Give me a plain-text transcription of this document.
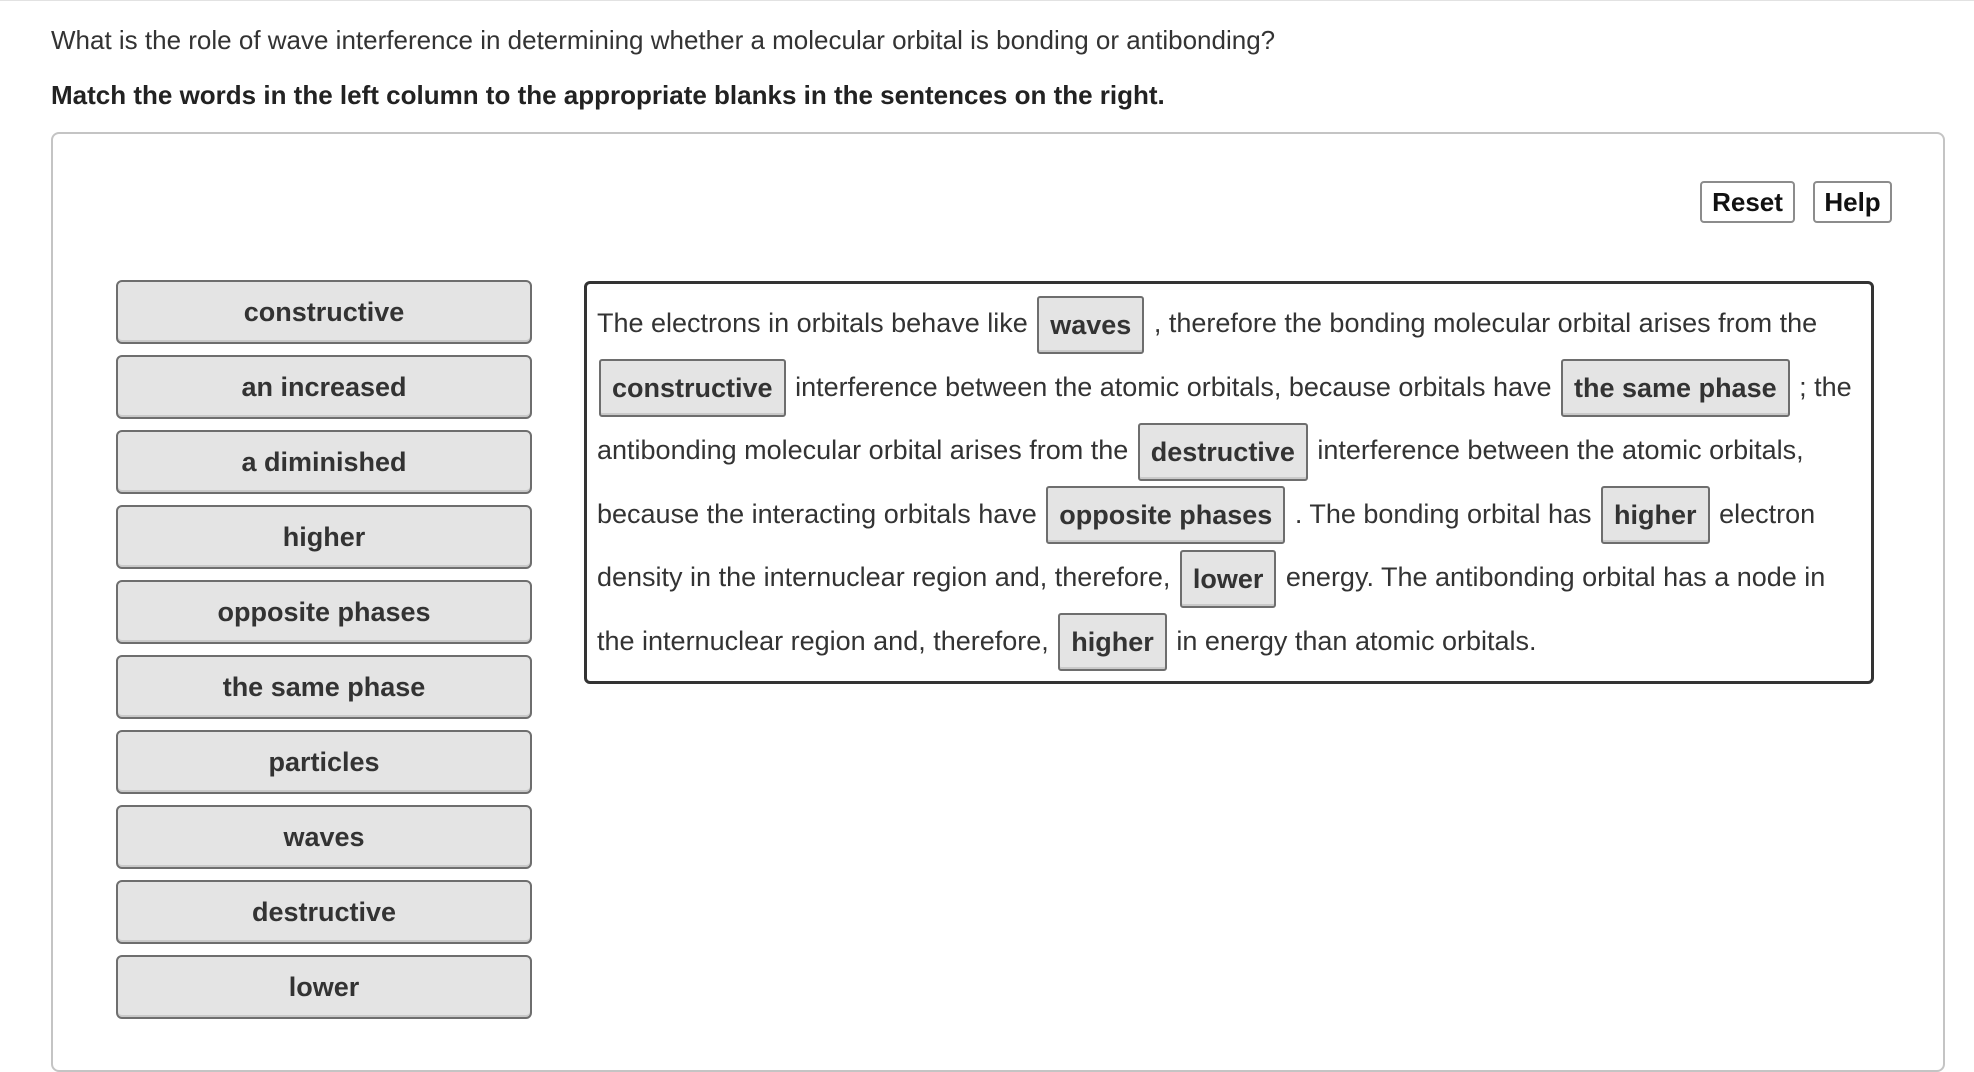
What is the role of wave interference in determining whether a molecular orbital is bonding or antibonding?
Match the words in the left column to the appropriate blanks in the sentences on the right.
Reset	Help
constructive
an increased
a diminished
higher
opposite phases
the same phase
particles
waves
destructive
lower
The electrons in orbitals behave like waves , therefore the bonding molecular orbital arises from the constructive interference between the atomic orbitals, because orbitals have the same phase ; the antibonding molecular orbital arises from the destructive interference between the atomic orbitals, because the interacting orbitals have opposite phases . The bonding orbital has higher electron density in the internuclear region and, therefore, lower energy. The antibonding orbital has a node in the internuclear region and, therefore, higher in energy than atomic orbitals.
